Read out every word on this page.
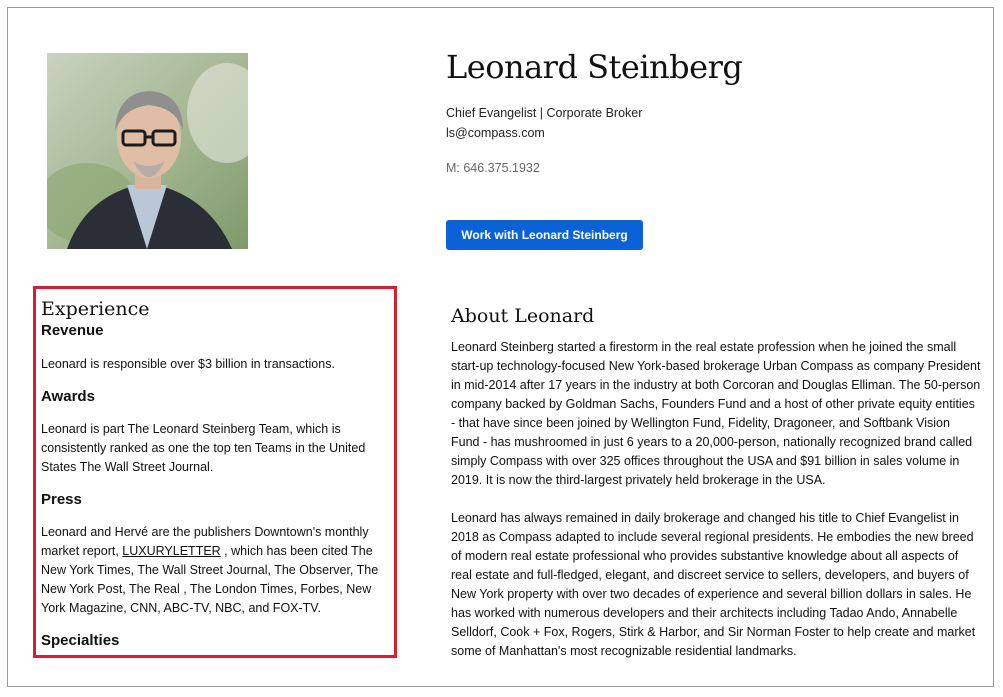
Leonard Steinberg
Chief Evangelist | Corporate Broker
ls@compass.com
M: 646.375.1932
Work with Leonard Steinberg
About Leonard

Leonard Steinberg started a firestorm in the real estate profession when he joined the small start-up technology-focused New York-based brokerage Urban Compass as company President in mid-2014 after 17 years in the industry at both Corcoran and Douglas Elliman. The 50-person company backed by Goldman Sachs, Founders Fund and a host of other private equity entities - that have since been joined by Wellington Fund, Fidelity, Dragoneer, and Softbank Vision Fund - has mushroomed in just 6 years to a 20,000-person, nationally recognized brand called simply Compass with over 325 offices throughout the USA and $91 billion in sales volume in 2019. It is now the third-largest privately held brokerage in the USA.

Leonard has always remained in daily brokerage and changed his title to Chief Evangelist in 2018 as Compass adapted to include several regional presidents. He embodies the new breed of modern real estate professional who provides substantive knowledge about all aspects of real estate and full-fledged, elegant, and discreet service to sellers, developers, and buyers of New York property with over two decades of experience and several billion dollars in sales. He has worked with numerous developers and their architects including Tadao Ando, Annabelle Selldorf, Cook + Fox, Rogers, Stirk & Harbor, and Sir Norman Foster to help create and market some of Manhattan's most recognizable residential landmarks.

Experience
Revenue

Leonard is responsible over $3 billion in transactions.

Awards

Leonard is part The Leonard Steinberg Team, which is consistently ranked as one the top ten Teams in the United States The Wall Street Journal.

Press

Leonard and Hervé are the publishers Downtown's monthly market report, LUXURYLETTER , which has been cited The New York Times, The Wall Street Journal, The Observer, The New York Post, The Real , The London Times, Forbes, New York Magazine, CNN, ABC-TV, NBC, and FOX-TV.

Specialties
